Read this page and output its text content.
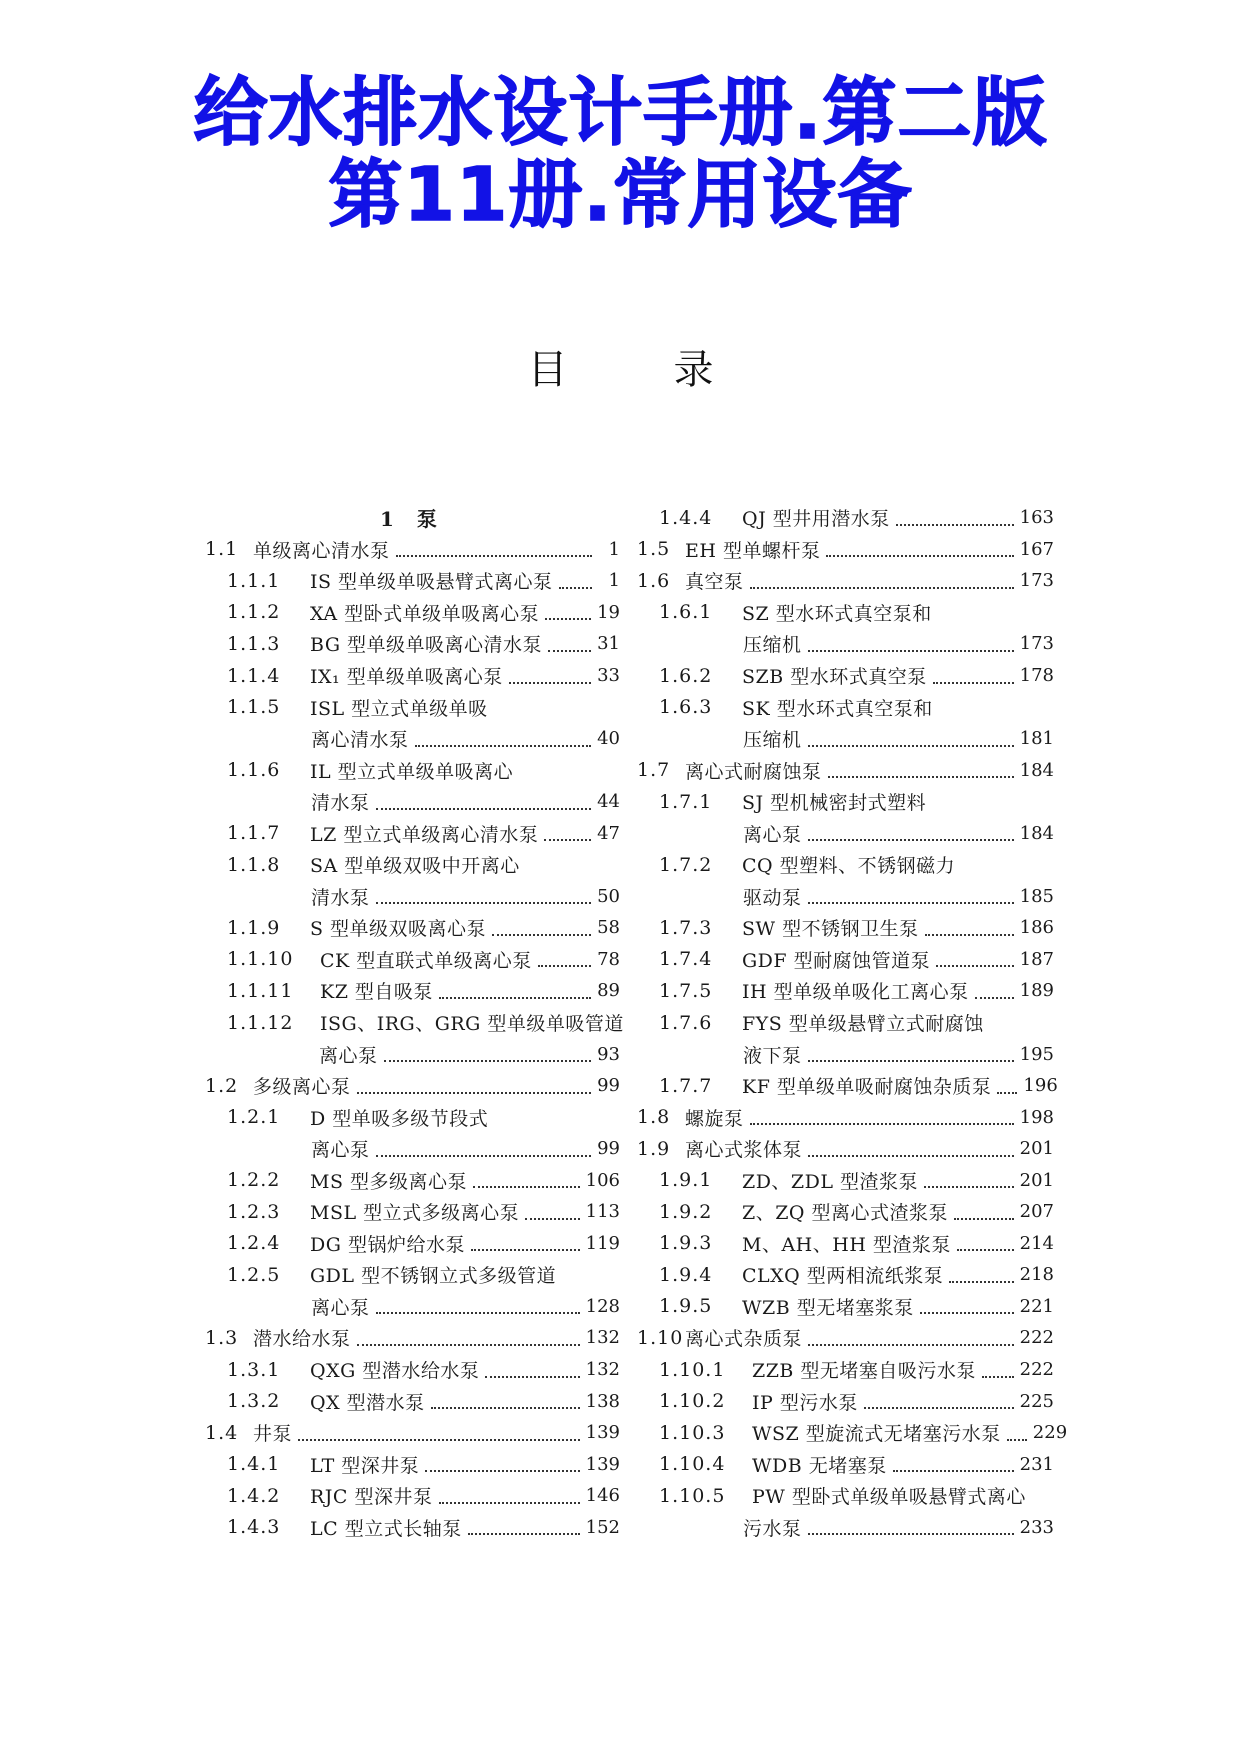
给水排水设计手册.第二版
第11册.常用设备
目	录
1 泵
1.1 单级离心清水泵	1
1.1.1	IS 型单级单吸悬臂式离心泵	1
1.1.2	XA 型卧式单级单吸离心泵	19
1.1.3	BG 型单级单吸离心清水泵	31
1.1.4	IX₁ 型单级单吸离心泵	33
1.1.5	ISL 型立式单级单吸
离心清水泵	40
1.1.6	IL 型立式单级单吸离心
清水泵	44
1.1.7	LZ 型立式单级离心清水泵	47
1.1.8	SA 型单级双吸中开离心
清水泵	50
1.1.9	S 型单级双吸离心泵	58
1.1.10	CK 型直联式单级离心泵	78
1.1.11	KZ 型自吸泵	89
1.1.12	ISG、IRG、GRG 型单级单吸管道
离心泵	93
1.2 多级离心泵	99
1.2.1	D 型单吸多级节段式
离心泵	99
1.2.2	MS 型多级离心泵	106
1.2.3	MSL 型立式多级离心泵	113
1.2.4	DG 型锅炉给水泵	119
1.2.5	GDL 型不锈钢立式多级管道
离心泵	128
1.3 潜水给水泵	132
1.3.1	QXG 型潜水给水泵	132
1.3.2	QX 型潜水泵	138
1.4 井泵	139
1.4.1	LT 型深井泵	139
1.4.2	RJC 型深井泵	146
1.4.3	LC 型立式长轴泵	152
1.4.4	QJ 型井用潜水泵	163
1.5 EH 型单螺杆泵	167
1.6 真空泵	173
1.6.1	SZ 型水环式真空泵和
压缩机	173
1.6.2	SZB 型水环式真空泵	178
1.6.3	SK 型水环式真空泵和
压缩机	181
1.7 离心式耐腐蚀泵	184
1.7.1	SJ 型机械密封式塑料
离心泵	184
1.7.2	CQ 型塑料、不锈钢磁力
驱动泵	185
1.7.3	SW 型不锈钢卫生泵	186
1.7.4	GDF 型耐腐蚀管道泵	187
1.7.5	IH 型单级单吸化工离心泵	189
1.7.6	FYS 型单级悬臂立式耐腐蚀
液下泵	195
1.7.7	KF 型单级单吸耐腐蚀杂质泵 196
1.8 螺旋泵	198
1.9 离心式浆体泵	201
1.9.1	ZD、ZDL 型渣浆泵	201
1.9.2	Z、ZQ 型离心式渣浆泵	207
1.9.3	M、AH、HH 型渣浆泵	214
1.9.4	CLXQ 型两相流纸浆泵	218
1.9.5	WZB 型无堵塞浆泵	221
1.10 离心式杂质泵	222
1.10.1	ZZB 型无堵塞自吸污水泵 222
1.10.2	IP 型污水泵	225
1.10.3	WSZ 型旋流式无堵塞污水泵 229
1.10.4	WDB 无堵塞泵	231
1.10.5	PW 型卧式单级单吸悬臂式离心
污水泵	233
